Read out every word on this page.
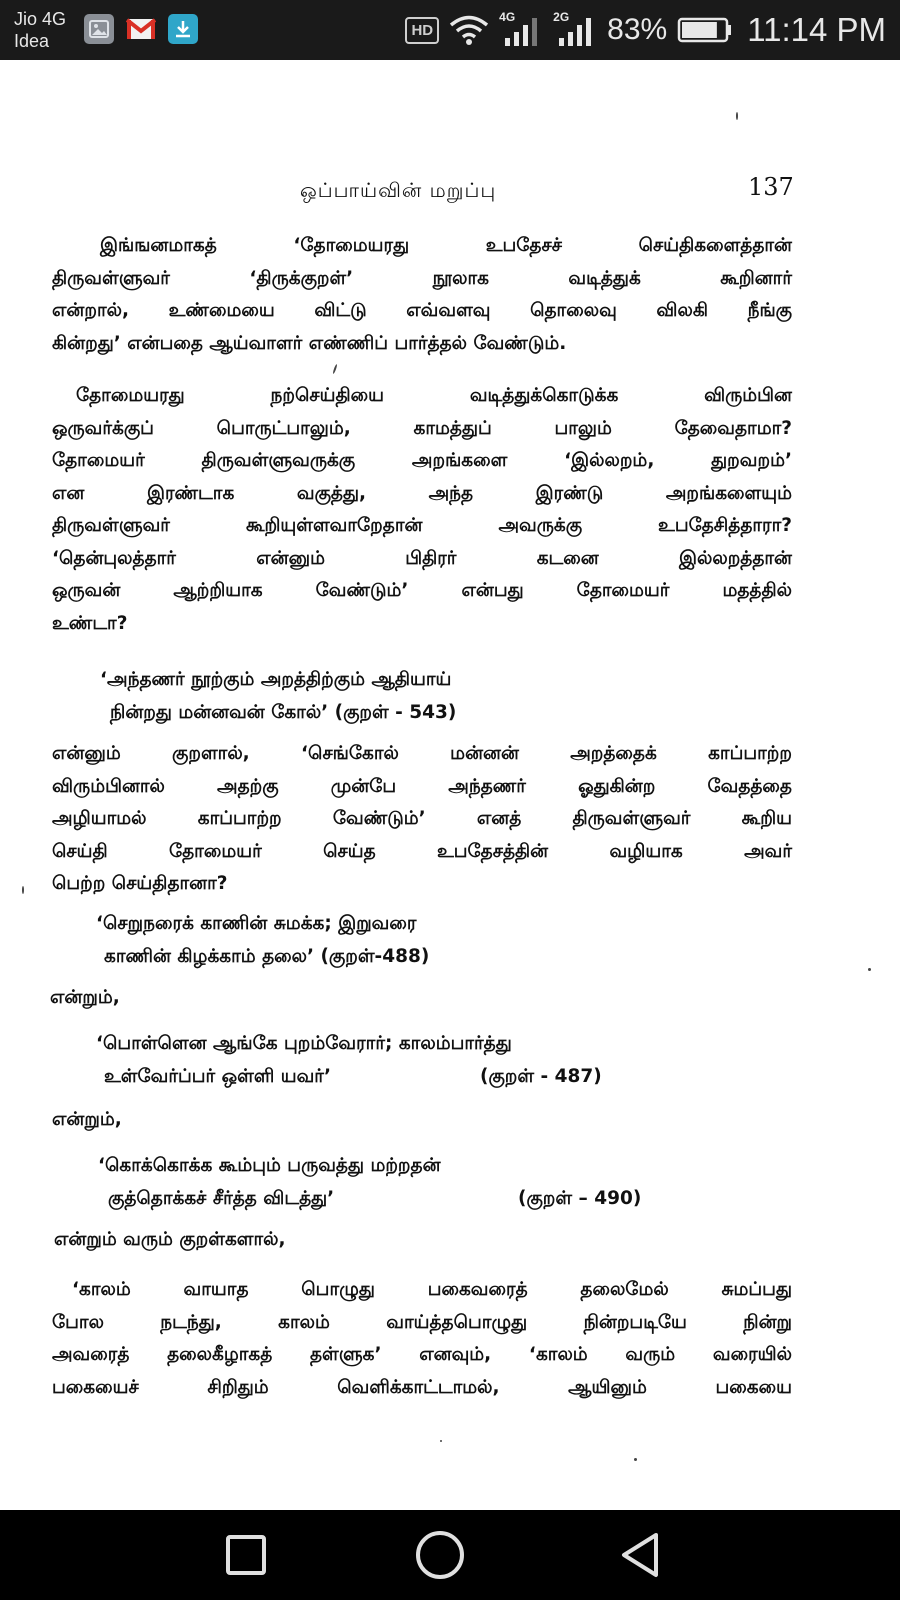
Jio 4G
Idea
HD
4G	2G 83% 11:14 PM
ஒப்பாய்வின் மறுப்பு	137
இங்ஙனமாகத் ‘தோமையரது உபதேசச் செய்திகளைத்தான்
திருவள்ளுவர் ‘திருக்குறள்’ நூலாக வடித்துக் கூறினார்
என்றால், உண்மையை விட்டு எவ்வளவு தொலைவு விலகி நீங்கு
கின்றது’ என்பதை ஆய்வாளர் எண்ணிப் பார்த்தல் வேண்டும்.
தோமையரது நற்செய்தியை வடித்துக்கொடுக்க விரும்பின
ஒருவர்க்குப் பொருட்பாலும், காமத்துப் பாலும் தேவைதாமா?
தோமையர் திருவள்ளுவருக்கு அறங்களை ‘இல்லறம், துறவறம்’
என இரண்டாக வகுத்து, அந்த இரண்டு அறங்களையும்
திருவள்ளுவர் கூறியுள்ளவாறேதான் அவருக்கு உபதேசித்தாரா?
‘தென்புலத்தார் என்னும் பிதிரர் கடனை இல்லறத்தான்
ஒருவன் ஆற்றியாக வேண்டும்’ என்பது தோமையர் மதத்தில்
உண்டா?
‘அந்தணர் நூற்கும் அறத்திற்கும் ஆதியாய்
நின்றது மன்னவன் கோல்’ (குறள் - 543)
என்னும் குறளால், ‘செங்கோல் மன்னன் அறத்தைக் காப்பாற்ற
விரும்பினால் அதற்கு முன்பே அந்தணர் ஓதுகின்ற வேதத்தை
அழியாமல் காப்பாற்ற வேண்டும்’ எனத் திருவள்ளுவர் கூறிய
செய்தி தோமையர் செய்த உபதேசத்தின் வழியாக அவர்
பெற்ற செய்திதானா?
‘செறுநரைக் காணின் சுமக்க; இறுவரை
காணின் கிழக்காம் தலை’ (குறள்-488)
என்றும்,
‘பொள்ளென ஆங்கே புறம்வேரார்; காலம்பார்த்து
உள்வேர்ப்பர் ஒள்ளி யவர்’	(குறள் - 487)
என்றும்,
‘கொக்கொக்க கூம்பும் பருவத்து மற்றதன்
குத்தொக்கச் சீர்த்த விடத்து’	(குறள் – 490)
என்றும் வரும் குறள்களால்,
‘காலம் வாயாத பொழுது பகைவரைத் தலைமேல் சுமப்பது
போல நடந்து, காலம் வாய்த்தபொழுது நின்றபடியே நின்று
அவரைத் தலைகீழாகத் தள்ளுக’ எனவும், ‘காலம் வரும் வரையில்
பகையைச் சிறிதும் வெளிக்காட்டாமல், ஆயினும் பகையை
